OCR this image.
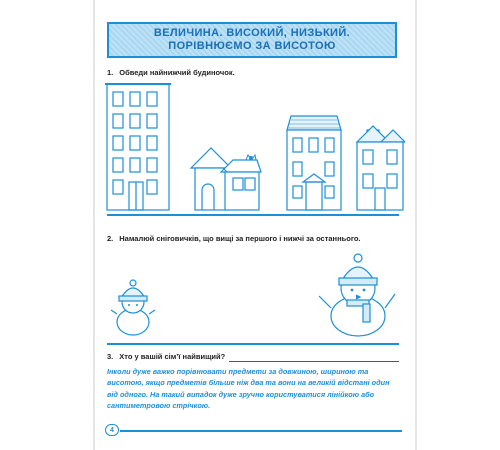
ВЕЛИЧИНА. ВИСОКИЙ, НИЗЬКИЙ.
ПОРІВНЮЄМО ЗА ВИСОТОЮ
1. Обведи найнижчий будиночок.
2. Намалюй сніговичків, що вищі за першого і нижчі за останнього.
3. Хто у вашій сім’ї найвищий?
Інколи дуже важко порівнювати предмети за довжиною, шириною та висотою, якщо предметів більше ніж два та вони на великій відстані один від одного. На такий випадок дуже зручно користуватися лінійкою або сантиметровою стрічкою.
4
